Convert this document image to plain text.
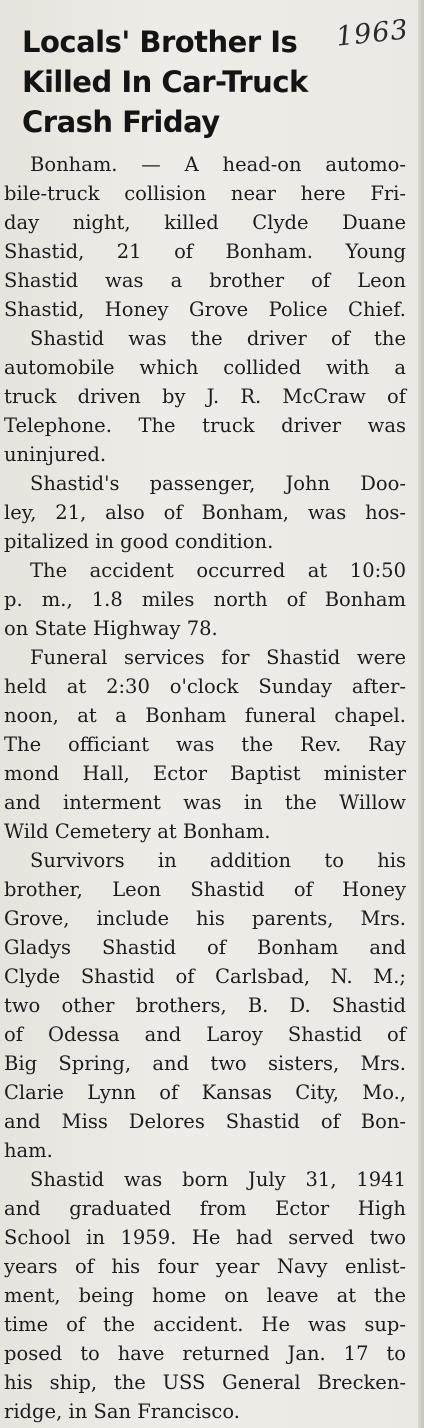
Locals' Brother Is
Killed In Car-Truck
Crash Friday
1963
Bonham. — A head-on automo-
bile-truck collision near here Fri-
day night, killed Clyde Duane
Shastid, 21 of Bonham. Young
Shastid was a brother of Leon
Shastid, Honey Grove Police Chief.
Shastid was the driver of the
automobile which collided with a
truck driven by J. R. McCraw of
Telephone. The truck driver was
uninjured.
Shastid's passenger, John Doo-
ley, 21, also of Bonham, was hos-
pitalized in good condition.
The accident occurred at 10:50
p. m., 1.8 miles north of Bonham
on State Highway 78.
Funeral services for Shastid were
held at 2:30 o'clock Sunday after-
noon, at a Bonham funeral chapel.
The officiant was the Rev. Ray
mond Hall, Ector Baptist minister
and interment was in the Willow
Wild Cemetery at Bonham.
Survivors in addition to his
brother, Leon Shastid of Honey
Grove, include his parents, Mrs.
Gladys Shastid of Bonham and
Clyde Shastid of Carlsbad, N. M.;
two other brothers, B. D. Shastid
of Odessa and Laroy Shastid of
Big Spring, and two sisters, Mrs.
Clarie Lynn of Kansas City, Mo.,
and Miss Delores Shastid of Bon-
ham.
Shastid was born July 31, 1941
and graduated from Ector High
School in 1959. He had served two
years of his four year Navy enlist-
ment, being home on leave at the
time of the accident. He was sup-
posed to have returned Jan. 17 to
his ship, the USS General Brecken-
ridge, in San Francisco.
